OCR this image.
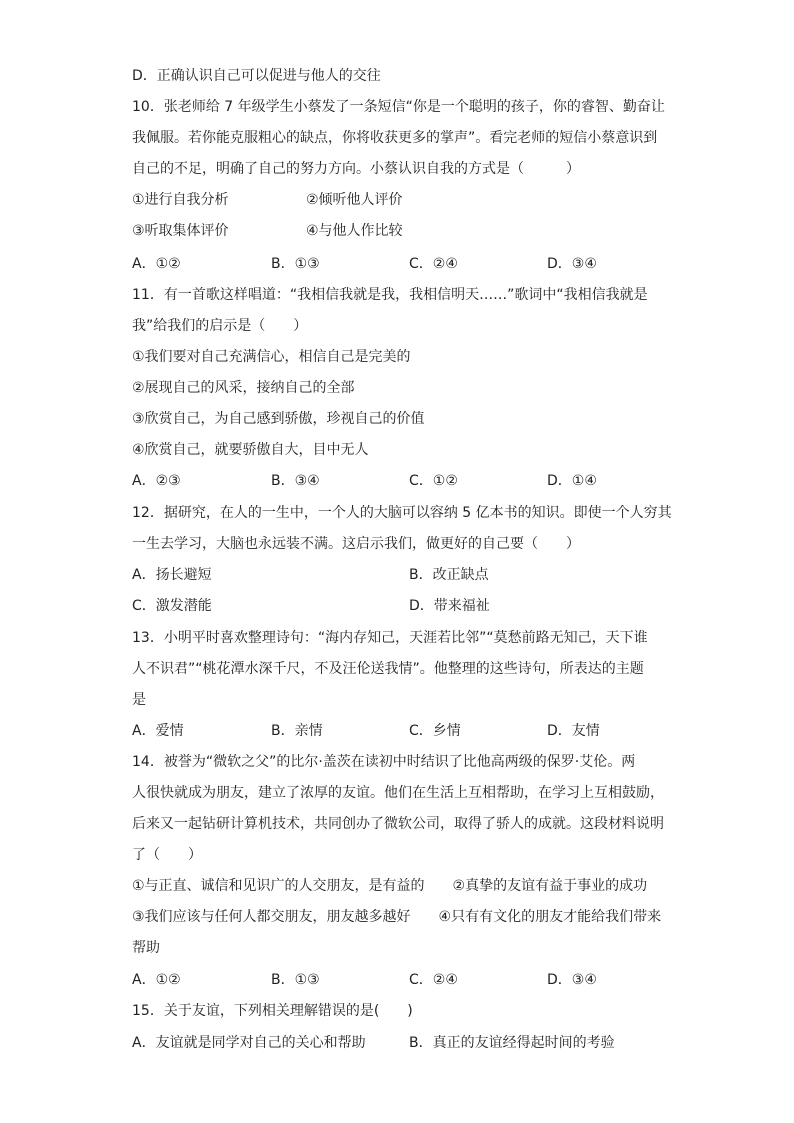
D．正确认识自己可以促进与他人的交往
10．张老师给 7 年级学生小蔡发了一条短信“你是一个聪明的孩子，你的睿智、勤奋让
我佩服。若你能克服粗心的缺点，你将收获更多的掌声”。看完老师的短信小蔡意识到
自己的不足，明确了自己的努力方向。小蔡认识自我的方式是（　　　）
①进行自我分析	②倾听他人评价
③听取集体评价	④与他人作比较
A．①②	B．①③	C．②④	D．③④
11．有一首歌这样唱道：“我相信我就是我，我相信明天……”歌词中“我相信我就是
我”给我们的启示是（　　）
①我们要对自己充满信心，相信自己是完美的
②展现自己的风采，接纳自己的全部
③欣赏自己，为自己感到骄傲，珍视自己的价值
④欣赏自己，就要骄傲自大，目中无人
A．②③	B．③④	C．①②	D．①④
12．据研究，在人的一生中，一个人的大脑可以容纳 5 亿本书的知识。即使一个人穷其
一生去学习，大脑也永远装不满。这启示我们，做更好的自己要（　　）
A．扬长避短	B．改正缺点
C．激发潜能	D．带来福祉
13．小明平时喜欢整理诗句：“海内存知己，天涯若比邻”“莫愁前路无知己，天下谁
人不识君”“桃花潭水深千尺，不及汪伦送我情”。他整理的这些诗句，所表达的主题
是
A．爱情	B．亲情	C．乡情	D．友情
14．被誉为“微软之父”的比尔·盖茨在读初中时结识了比他高两级的保罗·艾伦。两
人很快就成为朋友，建立了浓厚的友谊。他们在生活上互相帮助，在学习上互相鼓励，
后来又一起钻研计算机技术，共同创办了微软公司，取得了骄人的成就。这段材料说明
了（　　）
①与正直、诚信和见识广的人交朋友，是有益的　　②真挚的友谊有益于事业的成功
③我们应该与任何人都交朋友，朋友越多越好　　④只有有文化的朋友才能给我们带来
帮助
A．①②	B．①③	C．②④	D．③④
15．关于友谊，下列相关理解错误的是(　　)
A．友谊就是同学对自己的关心和帮助	B．真正的友谊经得起时间的考验
